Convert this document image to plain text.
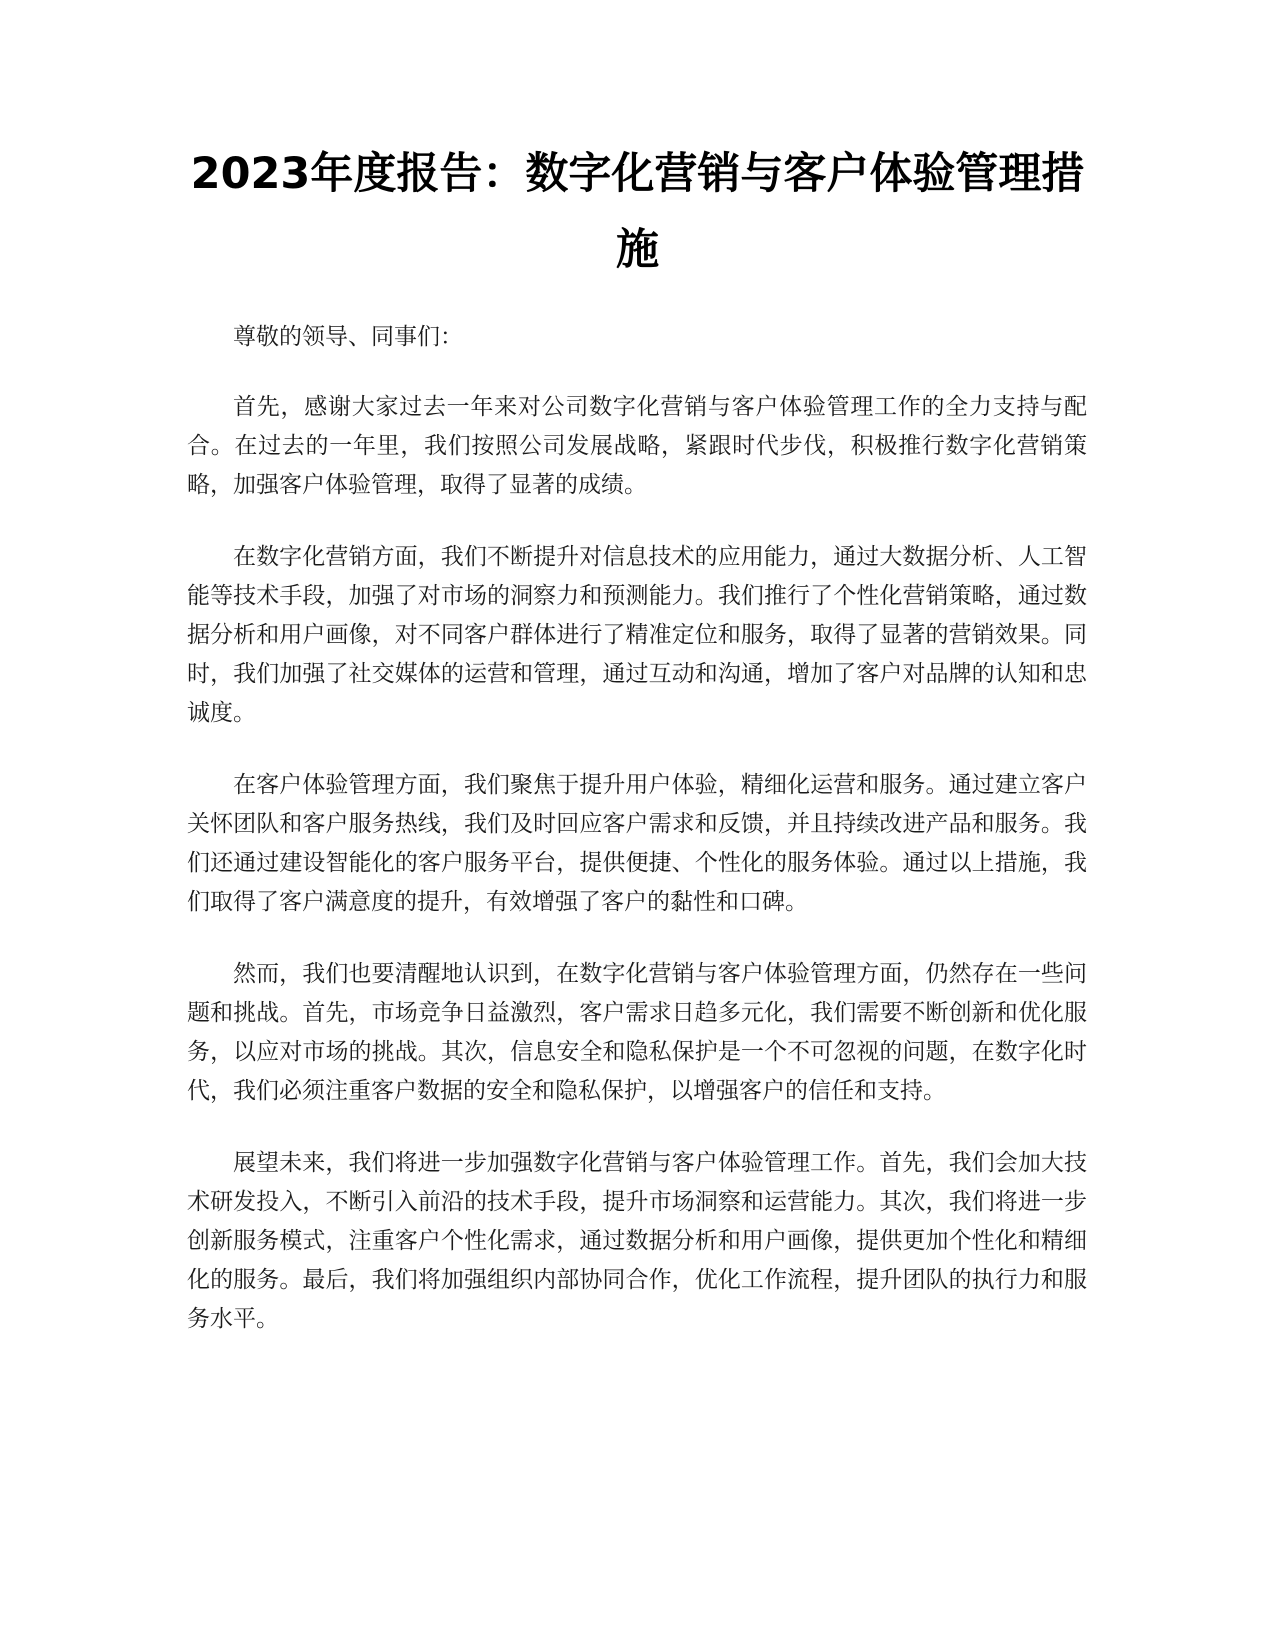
2023年度报告：数字化营销与客户体验管理措施

尊敬的领导、同事们：

首先，感谢大家过去一年来对公司数字化营销与客户体验管理工作的全力支持与配合。在过去的一年里，我们按照公司发展战略，紧跟时代步伐，积极推行数字化营销策略，加强客户体验管理，取得了显著的成绩。

在数字化营销方面，我们不断提升对信息技术的应用能力，通过大数据分析、人工智能等技术手段，加强了对市场的洞察力和预测能力。我们推行了个性化营销策略，通过数据分析和用户画像，对不同客户群体进行了精准定位和服务，取得了显著的营销效果。同时，我们加强了社交媒体的运营和管理，通过互动和沟通，增加了客户对品牌的认知和忠诚度。

在客户体验管理方面，我们聚焦于提升用户体验，精细化运营和服务。通过建立客户关怀团队和客户服务热线，我们及时回应客户需求和反馈，并且持续改进产品和服务。我们还通过建设智能化的客户服务平台，提供便捷、个性化的服务体验。通过以上措施，我们取得了客户满意度的提升，有效增强了客户的黏性和口碑。

然而，我们也要清醒地认识到，在数字化营销与客户体验管理方面，仍然存在一些问题和挑战。首先，市场竞争日益激烈，客户需求日趋多元化，我们需要不断创新和优化服务，以应对市场的挑战。其次，信息安全和隐私保护是一个不可忽视的问题，在数字化时代，我们必须注重客户数据的安全和隐私保护，以增强客户的信任和支持。

展望未来，我们将进一步加强数字化营销与客户体验管理工作。首先，我们会加大技术研发投入，不断引入前沿的技术手段，提升市场洞察和运营能力。其次，我们将进一步创新服务模式，注重客户个性化需求，通过数据分析和用户画像，提供更加个性化和精细化的服务。最后，我们将加强组织内部协同合作，优化工作流程，提升团队的执行力和服务水平。
